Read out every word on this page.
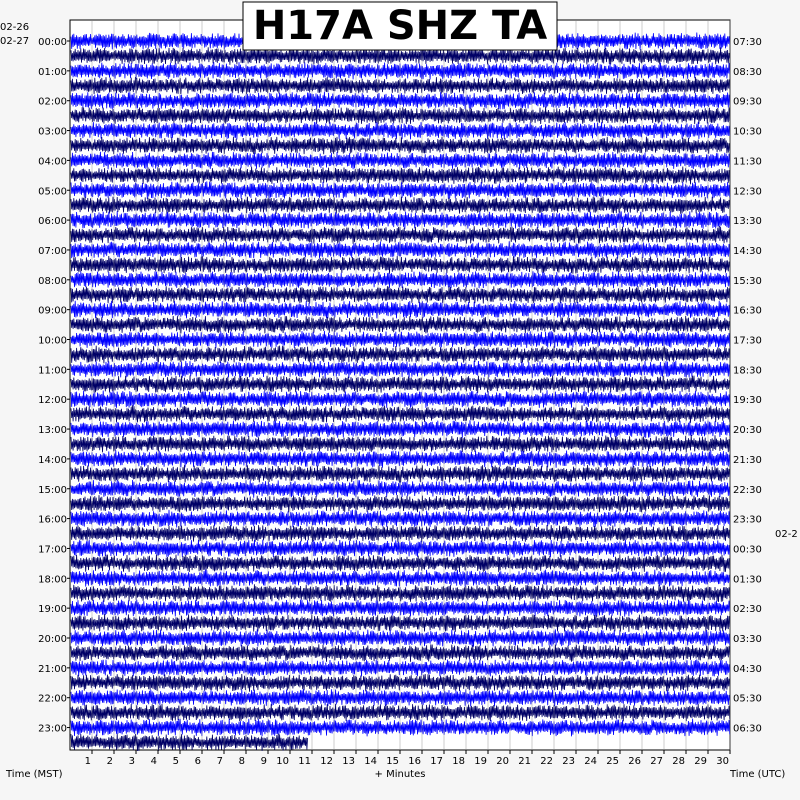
1 2 3 4 5 6 7 8 9 10 11 12 13 14 15 16 17 18 19 20 21 22 23 24 25 26 27 28 29 30
00:00
01:00
02:00
03:00
04:00
05:00
06:00
07:00
08:00
09:00
10:00
11:00
12:00
13:00
14:00
15:00
16:00
17:00
18:00
19:00
20:00
21:00
22:00
23:00
07:30
08:30
09:30
10:30
11:30
12:30
13:30
14:30
15:30
16:30
17:30
18:30
19:30
20:30
21:30
22:30
23:30
00:30
01:30
02:30
03:30
04:30
05:30
06:30
H17A SHZ TA
02-26
02-27
02-2
Time (MST)	+ Minutes	Time (UTC)
